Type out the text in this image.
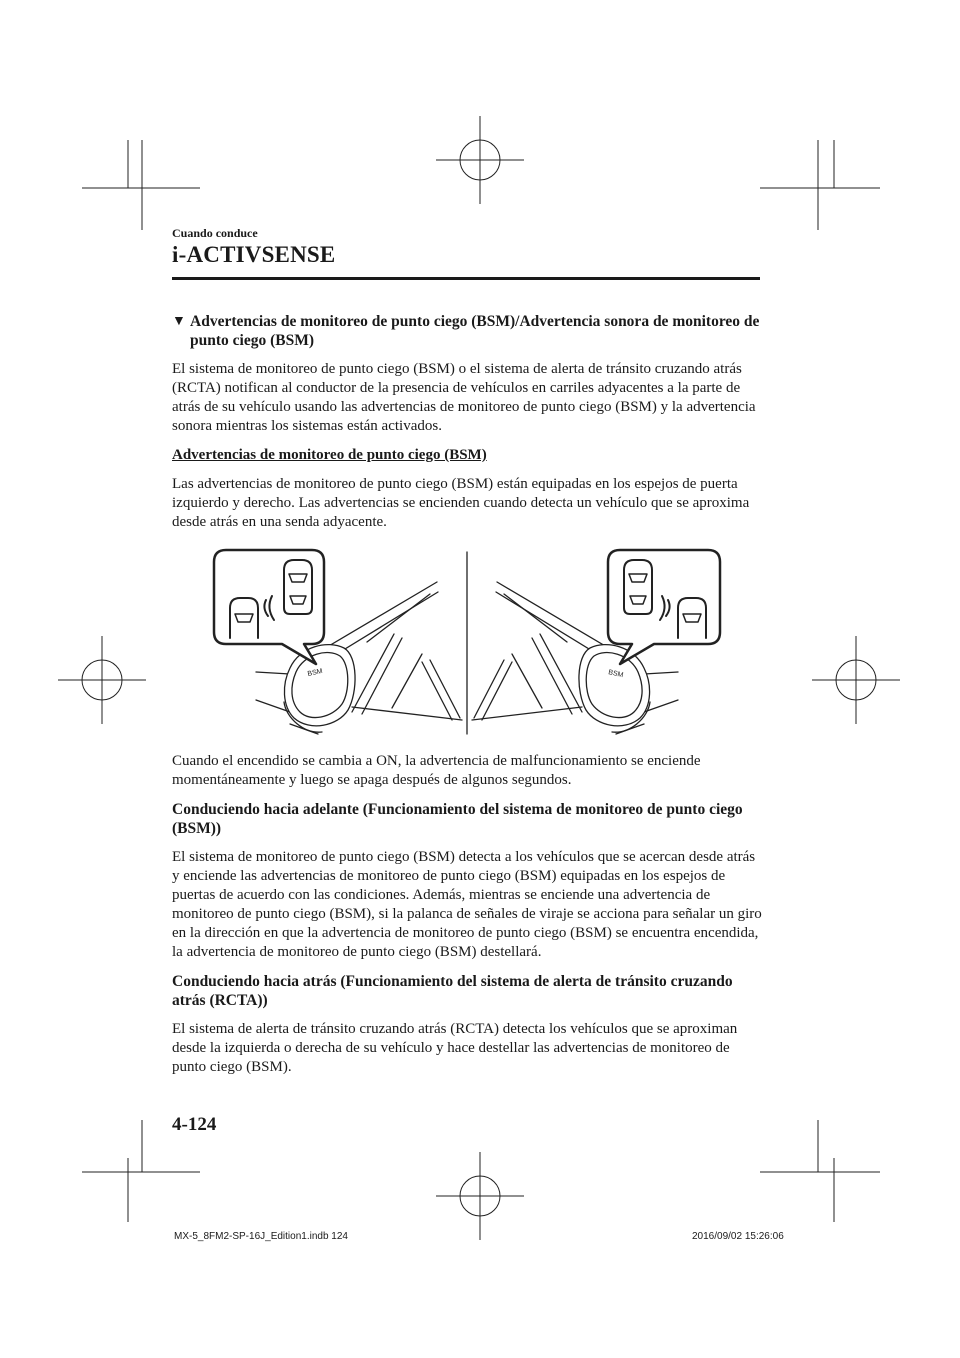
Cuando conduce
i-ACTIVSENSE
▼ Advertencias de monitoreo de punto ciego (BSM)/Advertencia sonora de monitoreo de punto ciego (BSM)

El sistema de monitoreo de punto ciego (BSM) o el sistema de alerta de tránsito cruzando atrás (RCTA) notifican al conductor de la presencia de vehículos en carriles adyacentes a la parte de atrás de su vehículo usando las advertencias de monitoreo de punto ciego (BSM) y la advertencia sonora mientras los sistemas están activados.

Advertencias de monitoreo de punto ciego (BSM)

Las advertencias de monitoreo de punto ciego (BSM) están equipadas en los espejos de puerta izquierdo y derecho. Las advertencias se encienden cuando detecta un vehículo que se aproxima desde atrás en una senda adyacente.

BSM	BSM

Cuando el encendido se cambia a ON, la advertencia de malfuncionamiento se enciende momentáneamente y luego se apaga después de algunos segundos.

Conduciendo hacia adelante (Funcionamiento del sistema de monitoreo de punto ciego (BSM))

El sistema de monitoreo de punto ciego (BSM) detecta a los vehículos que se acercan desde atrás y enciende las advertencias de monitoreo de punto ciego (BSM) equipadas en los espejos de puertas de acuerdo con las condiciones. Además, mientras se enciende una advertencia de monitoreo de punto ciego (BSM), si la palanca de señales de viraje se acciona para señalar un giro en la dirección en que la advertencia de monitoreo de punto ciego (BSM) se encuentra encendida, la advertencia de monitoreo de punto ciego (BSM) destellará.

Conduciendo hacia atrás (Funcionamiento del sistema de alerta de tránsito cruzando atrás (RCTA))

El sistema de alerta de tránsito cruzando atrás (RCTA) detecta los vehículos que se aproximan desde la izquierda o derecha de su vehículo y hace destellar las advertencias de monitoreo de punto ciego (BSM).

4-124
MX-5_8FM2-SP-16J_Edition1.indb 124	2016/09/02 15:26:06
